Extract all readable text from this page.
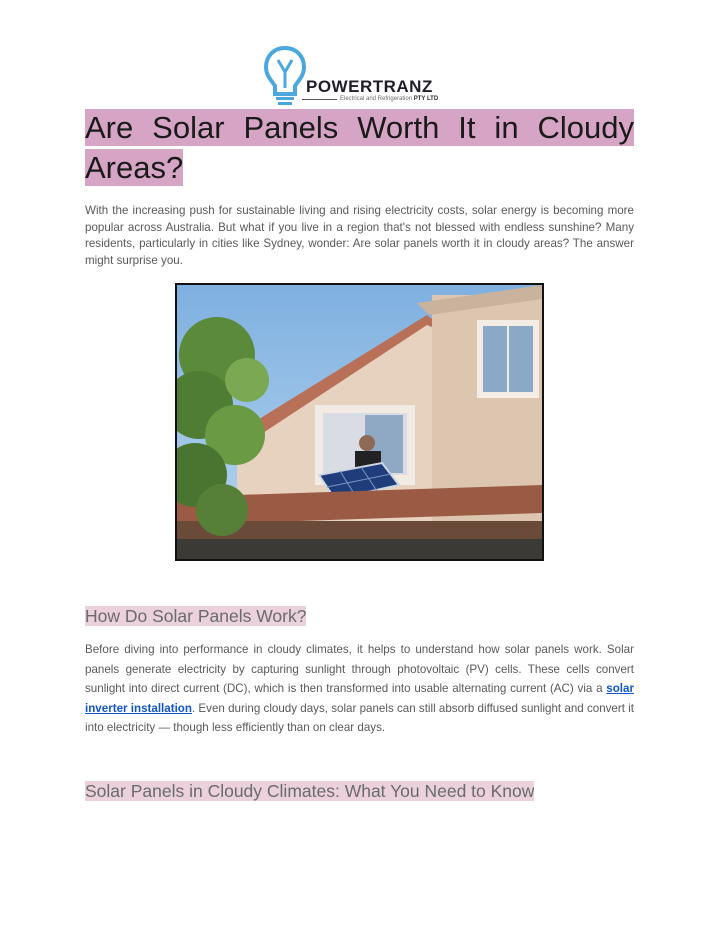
POWERTRANZ
Electrical and Refrigeration PTY LTD
Are Solar Panels Worth It in Cloudy Areas?

With the increasing push for sustainable living and rising electricity costs, solar energy is becoming more popular across Australia. But what if you live in a region that's not blessed with endless sunshine? Many residents, particularly in cities like Sydney, wonder: Are solar panels worth it in cloudy areas? The answer might surprise you.

How Do Solar Panels Work?

Before diving into performance in cloudy climates, it helps to understand how solar panels work. Solar panels generate electricity by capturing sunlight through photovoltaic (PV) cells. These cells convert sunlight into direct current (DC), which is then transformed into usable alternating current (AC) via a solar inverter installation. Even during cloudy days, solar panels can still absorb diffused sunlight and convert it into electricity — though less efficiently than on clear days.

Solar Panels in Cloudy Climates: What You Need to Know
